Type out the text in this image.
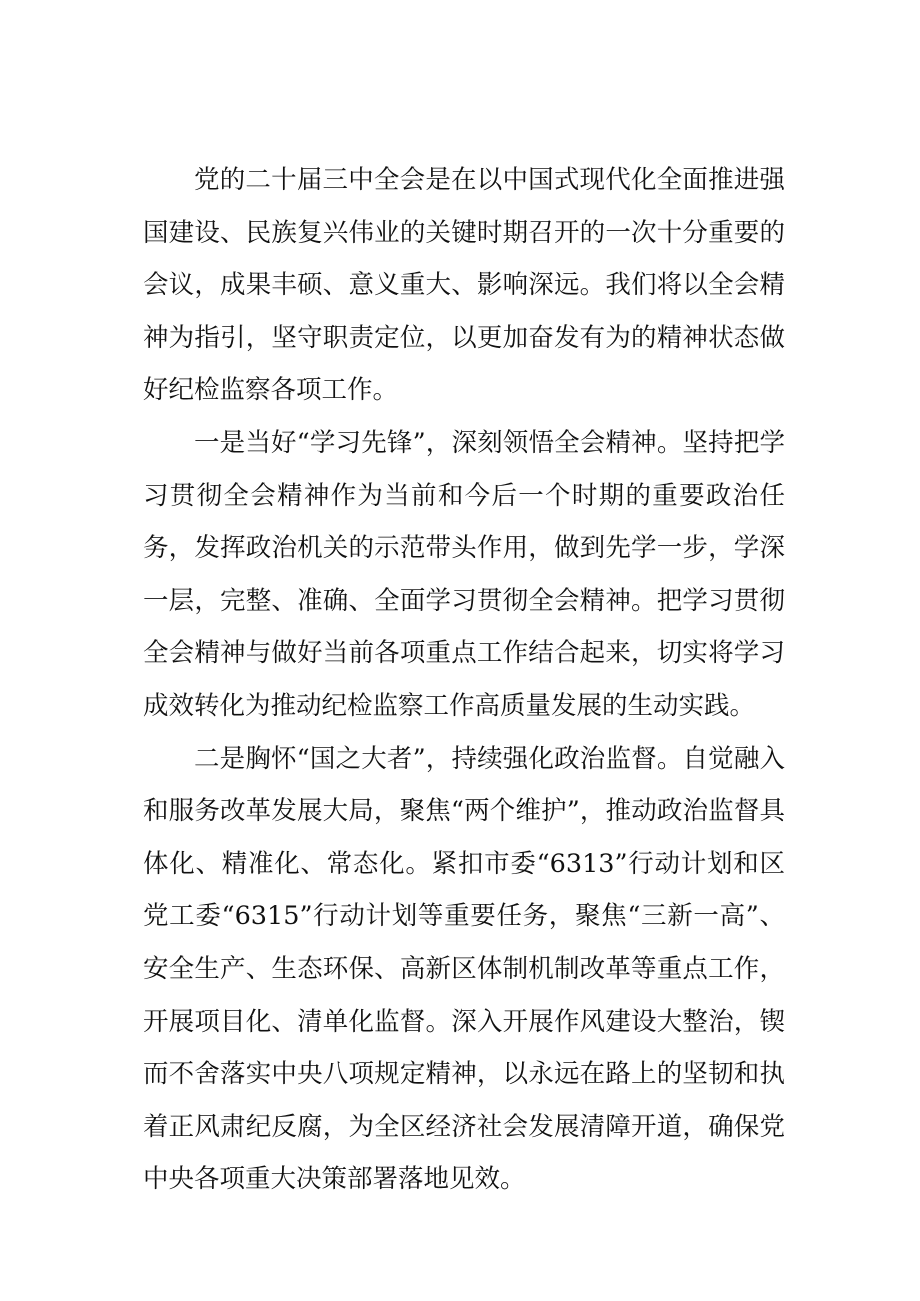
党的二十届三中全会是在以中国式现代化全面推进强国建设、民族复兴伟业的关键时期召开的一次十分重要的会议，成果丰硕、意义重大、影响深远。我们将以全会精神为指引，坚守职责定位，以更加奋发有为的精神状态做好纪检监察各项工作。

一是当好“学习先锋”，深刻领悟全会精神。坚持把学习贯彻全会精神作为当前和今后一个时期的重要政治任务，发挥政治机关的示范带头作用，做到先学一步，学深一层，完整、准确、全面学习贯彻全会精神。把学习贯彻全会精神与做好当前各项重点工作结合起来，切实将学习成效转化为推动纪检监察工作高质量发展的生动实践。

二是胸怀“国之大者”，持续强化政治监督。自觉融入和服务改革发展大局，聚焦“两个维护”，推动政治监督具体化、精准化、常态化。紧扣市委“6313”行动计划和区党工委“6315”行动计划等重要任务，聚焦“三新一高”、安全生产、生态环保、高新区体制机制改革等重点工作，开展项目化、清单化监督。深入开展作风建设大整治，锲而不舍落实中央八项规定精神，以永远在路上的坚韧和执着正风肃纪反腐，为全区经济社会发展清障开道，确保党中央各项重大决策部署落地见效。
